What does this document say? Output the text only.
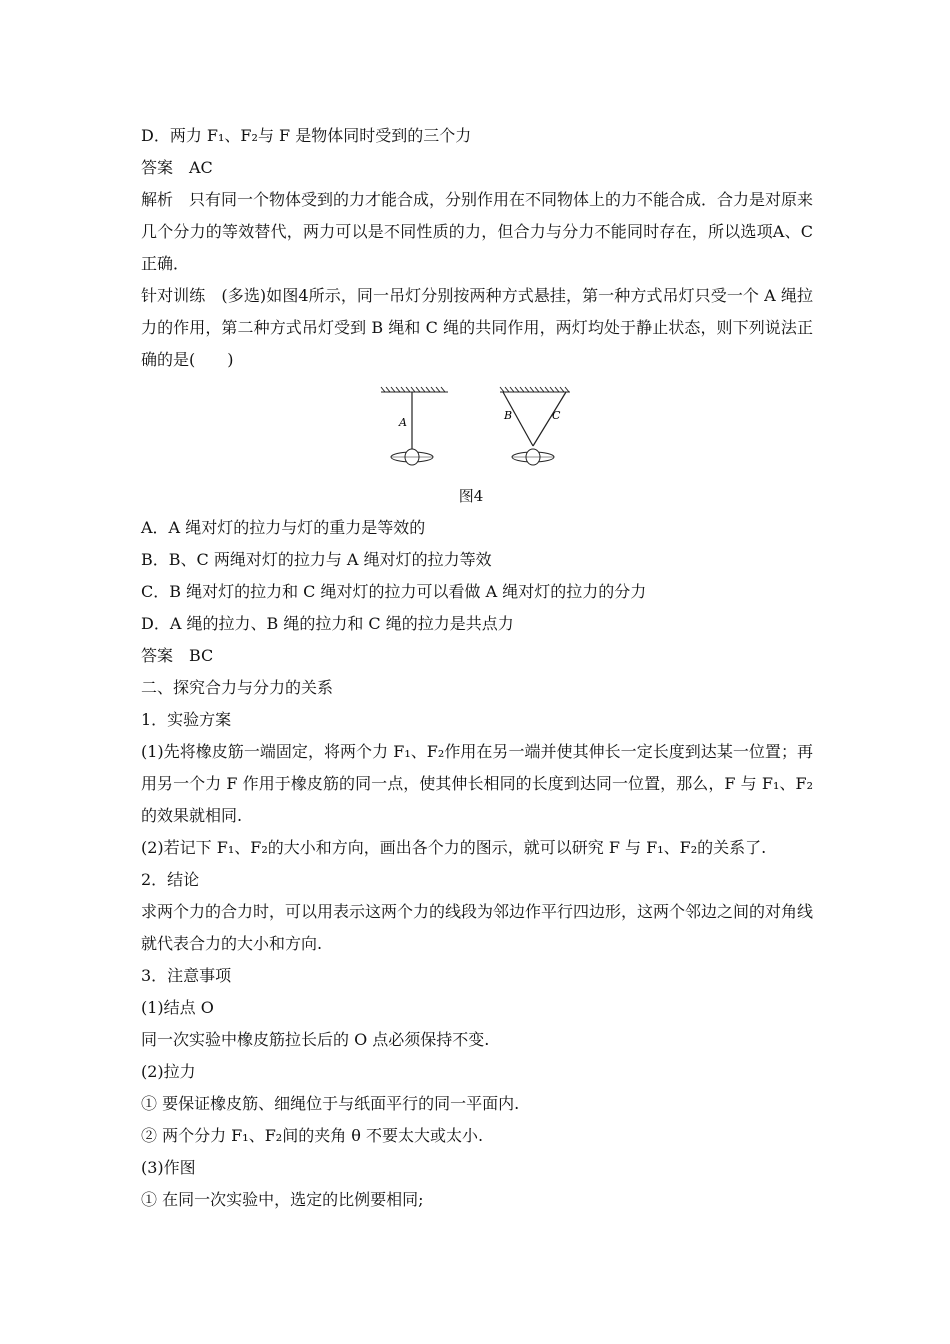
D．两力 F₁、F₂与 F 是物体同时受到的三个力
答案　AC
解析　只有同一个物体受到的力才能合成，分别作用在不同物体上的力不能合成．合力是对原来几个分力的等效替代，两力可以是不同性质的力，但合力与分力不能同时存在，所以选项A、C正确．
针对训练　(多选)如图4所示，同一吊灯分别按两种方式悬挂，第一种方式吊灯只受一个 A 绳拉力的作用，第二种方式吊灯受到 B 绳和 C 绳的共同作用，两灯均处于静止状态，则下列说法正确的是(　　)
A
B	C
图4
A．A 绳对灯的拉力与灯的重力是等效的
B．B、C 两绳对灯的拉力与 A 绳对灯的拉力等效
C．B 绳对灯的拉力和 C 绳对灯的拉力可以看做 A 绳对灯的拉力的分力
D．A 绳的拉力、B 绳的拉力和 C 绳的拉力是共点力
答案　BC
二、探究合力与分力的关系
1．实验方案
(1)先将橡皮筋一端固定，将两个力 F₁、F₂作用在另一端并使其伸长一定长度到达某一位置；再用另一个力 F 作用于橡皮筋的同一点，使其伸长相同的长度到达同一位置，那么，F 与 F₁、F₂的效果就相同.
(2)若记下 F₁、F₂的大小和方向，画出各个力的图示，就可以研究 F 与 F₁、F₂的关系了.
2．结论
求两个力的合力时，可以用表示这两个力的线段为邻边作平行四边形，这两个邻边之间的对角线就代表合力的大小和方向.
3．注意事项
(1)结点 O
同一次实验中橡皮筋拉长后的 O 点必须保持不变.
(2)拉力
① 要保证橡皮筋、细绳位于与纸面平行的同一平面内.
② 两个分力 F₁、F₂间的夹角 θ 不要太大或太小.
(3)作图
① 在同一次实验中，选定的比例要相同;
